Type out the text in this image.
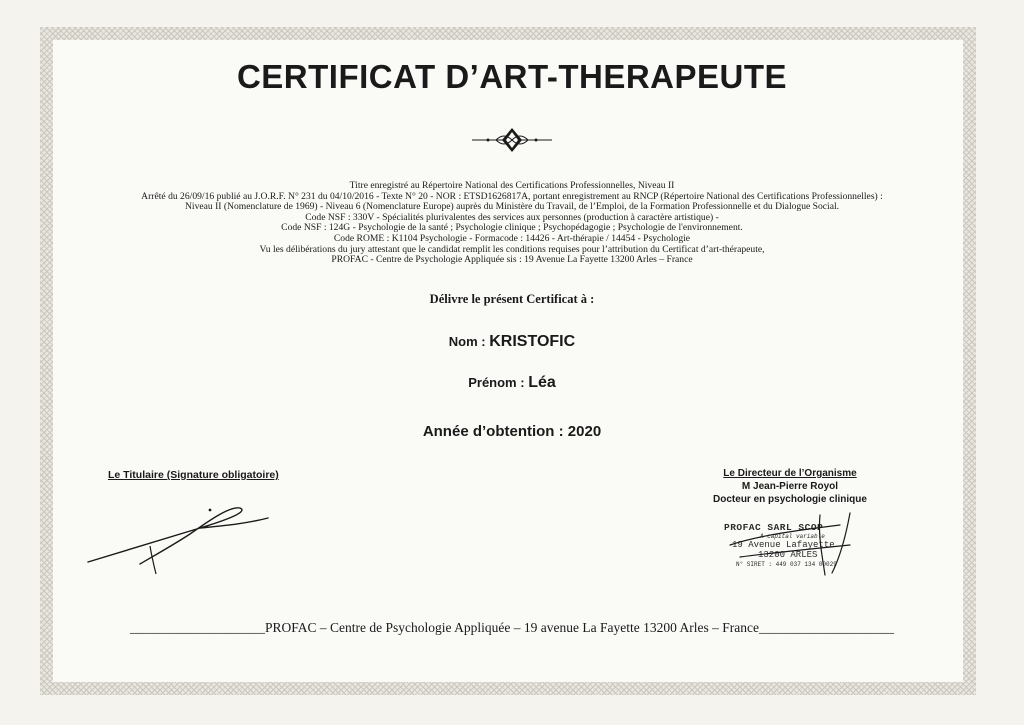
CERTIFICAT D’ART-THERAPEUTE
Titre enregistré au Répertoire National des Certifications Professionnelles, Niveau II
Arrêté du 26/09/16 publié au J.O.R.F. N° 231 du 04/10/2016 - Texte N° 20 - NOR : ETSD1626817A, portant enregistrement au RNCP (Répertoire National des Certifications Professionnelles) :
Niveau II (Nomenclature de 1969) - Niveau 6 (Nomenclature Europe) auprès du Ministère du Travail, de l’Emploi, de la Formation Professionnelle et du Dialogue Social.
Code NSF : 330V - Spécialités plurivalentes des services aux personnes (production à caractère artistique) -
Code NSF : 124G - Psychologie de la santé ; Psychologie clinique ; Psychopédagogie ; Psychologie de l'environnement.
Code ROME : K1104 Psychologie - Formacode : 14426 - Art-thérapie / 14454 - Psychologie
Vu les délibérations du jury attestant que le candidat remplit les conditions requises pour l’attribution du Certificat d’art-thérapeute,
PROFAC - Centre de Psychologie Appliquée sis : 19 Avenue La Fayette 13200 Arles – France
Délivre le présent Certificat à :
Nom : KRISTOFIC
Prénom : Léa
Année d’obtention : 2020
Le Titulaire (Signature obligatoire)	Le Directeur de l’Organisme
M Jean-Pierre Royol
Docteur en psychologie clinique
PROFAC SARL SCOP
A capital variable
19 Avenue Lafayette
13200 ARLES
N° SIRET : 449 037 134 00029
____________________PROFAC – Centre de Psychologie Appliquée – 19 avenue La Fayette 13200 Arles – France____________________
